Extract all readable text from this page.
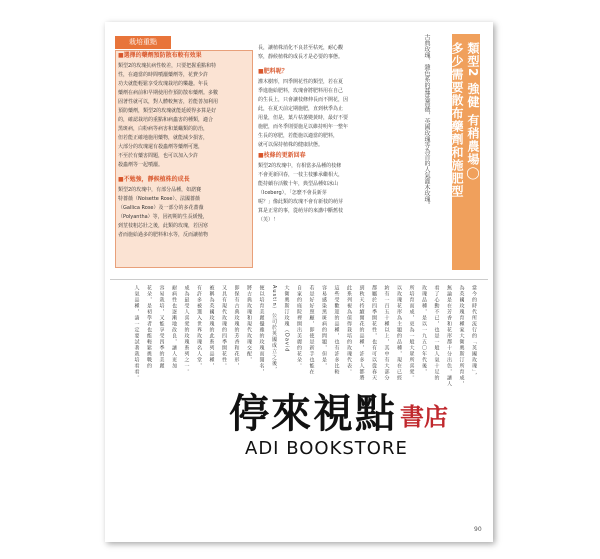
栽培重點
■選擇的藥劑預防散布較有效果
類型2的玫瑰抗病性較差，只要把握重點和特
性，在適當的時間噴灑藥劑等，花費少許
功夫就能輕鬆享受玫瑰栽培的樂趣。年長
藥劑在病前和早期使用作預防散布藥劑。多數
固著性就可以，對人體較無害，若能善加利用
預防藥劑，類型2的玫瑰就能延緩得多算是好
的，確認栽培的重點和病蟲害的種類，適合
黑斑病，白粉病等病害和葉蟎類的防治，
但若能正確地施用藥物，就能減少損害，
大部分的玫瑰還有殺蟲劑等藥劑可選，
不至於有藥害問題，也可以加入少許
殺蟲劑等一起噴灑。
■不勉強，靜候植株的成長
類型2的玫瑰中，有部分品種，如諾賽
特薔薇（Noisette Rose）、法國薔薇
（Gallica Rose）及一部分的多花薔薇
（Polyantha）等，因初期的生長緩慢，
到莖枝粗芯壯之後，此類的玫瑰，若因寒
者而施給過多的肥料和水等，反而讓植物
長，讓植株消化不良甚至枯死，耐心觀
察，靜候植株的成長才是必要的事態。
■肥料呢？
灌木樹形，四季開花性的類型，若在夏
季進施給肥料，玫瑰會將肥料用在自己
的生長上，只會讓枝條伸長而不開花，因
此，在夏天前定期施肥，直到秋季為止
用量，但是，葉片枯萎變黃時，最好不要
施肥，而冬季則要施足以維持明年一整年
生長的寒肥，若能施以適當的肥料，
就可以保持植株的健康狀態。
■枝條的更新回春
類型2的玫瑰中，有相當多品種的枝條
不會更新回春，一枝主枝雖承繼相大，
能持續存活數十年，典型品種如冰山
（Iceberg），「怎麼不會長新芽
呢？」像此類的玫瑰不會有新枝的萌芽
算是正常的事，從萌芽的來講中斷舊枝
（芙）！
類型2 強健 有稍農場◯
多少需要散布藥劑和施肥型
古典玫瑰、雜色系的蔓延薔薇，英國玫瑰等為首的人氣灌木玫瑰。
當今的時代所流行的「英國玫瑰」，
為英國玫瑰育種家大衛奧斯汀所育成，
無論是在芳香和花形都十分出色，讓人
看了心動不已，也是一般人氣十足的
玫瑰品種，是以一九五〇年代後，
所培育而成，更為一般大眾所喜愛。
以玫瑰花形為主題的品種，現在已經
約有一百五十種以上，其中有大部分
都屬於四季開花性，也有可以從春天
到秋天持續開花的品種，許多人都將
此系列視為值得栽培的玫瑰代表。
這些受歡迎的品種，也有許多比較
容易感染黑斑病的問題，但是，
若是好好照顧，即使是新手也能在
自家的庭院裡開出美麗的花朵。
大衛奧斯汀玫瑰（David
Austin）公司於英國成立之後，
便以培育美麗優雅的玫瑰而聞名，
將古典玫瑰和現代玫瑰交配，
即保有古典玫瑰的芳香和花形，
又具有現代玫瑰的四季開花性。
被稱為英國玫瑰的此系列品種，
有許多被選入世界玫瑰名人堂，
成為最受人喜愛的玫瑰系列之一。
耐病性也逐漸地改良，讓人更加
容易栽培，又能享受四季的美麗
花朵，是初學者也能輕鬆挑戰的
人氣品種，請一定要試著栽培看看。
停來視點 書店
ADI BOOKSTORE
90
